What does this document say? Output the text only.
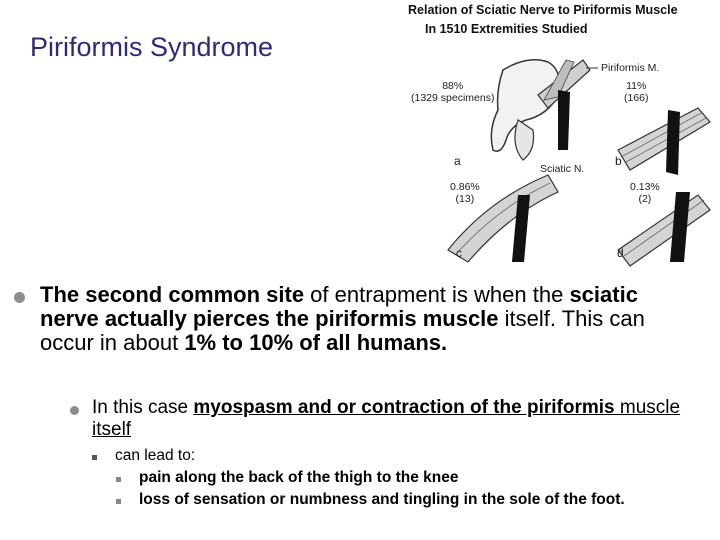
Piriformis Syndrome
Relation of Sciatic Nerve to Piriformis Muscle
In 1510 Extremities Studied
Piriformis M.
88%
(1329 specimens)
11%
(166)
a	b
Sciatic N.
0.86%
(13)
0.13%
(2)
c	d
The second common site of entrapment is when the sciatic nerve actually pierces the piriformis muscle itself. This can occur in about 1% to 10% of all humans.
In this case myospasm and or contraction of the piriformis muscle itself
can lead to:
pain along the back of the thigh to the knee
loss of sensation or numbness and tingling in the sole of the foot.
